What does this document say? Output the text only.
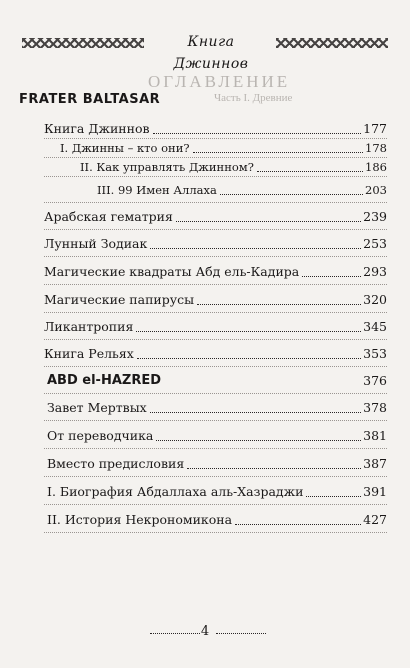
Книга Джиннов
ОГЛАВЛЕНИЕ
Часть I. Древние
FRATER BALTASAR
Книга Джиннов	177
I. Джинны – кто они?	178
II. Как управлять Джинном?	186
III. 99 Имен Аллаха	203
Арабская гематрия	239
Лунный Зодиак	253
Магические квадраты Абд ель-Кадира	293
Магические папирусы	320
Ликантропия	345
Книга Рельях	353
ABD el-HAZRED	376
Завет Мертвых	378
От переводчика	381
Вместо предисловия	387
I. Биография Абдаллаха аль-Хазраджи	391
II. История Некрономикона	427
4
